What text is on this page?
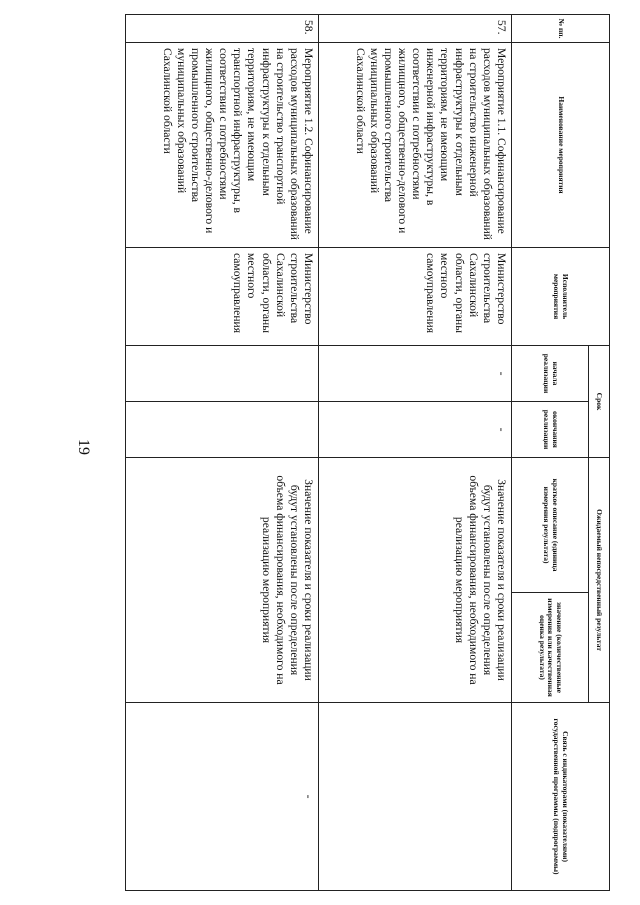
19
№ пп.	Наименование мероприятия	Исполнитель мероприятия	Срок		Ожидаемый непосредственный результат		Связь с индикаторами (показателями) государственной программы (подпрограммы)
			начала реализации	окончания реализации	краткое описание (единица измерения результата)	значение (количественные измерения или качественная оценка результата)	
57.	Мероприятие 1.1. Софинансирование расходов муниципальных образований на строительство инженерной инфраструктуры к отдельным территориям, не имеющим инженерной инфраструктуры, в соответствии с потребностями жилищного, общественно-делового и промышленного строительства муниципальных образований Сахалинской области	Министерство строительства Сахалинской области, органы местного самоуправления	-	-	Значение показателя и сроки реализации будут установлены после определения объема финансирования, необходимого на реализацию мероприятия		

58.	Мероприятие 1.2. Софинансирование расходов муниципальных образований на строительство транспортной инфраструктуры к отдельным территориям, не имеющим транспортной инфраструктуры, в соответствии с потребностями жилищного, общественно-делового и промышленного строительства муниципальных образований Сахалинской области	Министерство строительства Сахалинской области, органы местного самоуправления			Значение показателя и сроки реализации будут установлены после определения объема финансирования, необходимого на реализацию мероприятия		-
